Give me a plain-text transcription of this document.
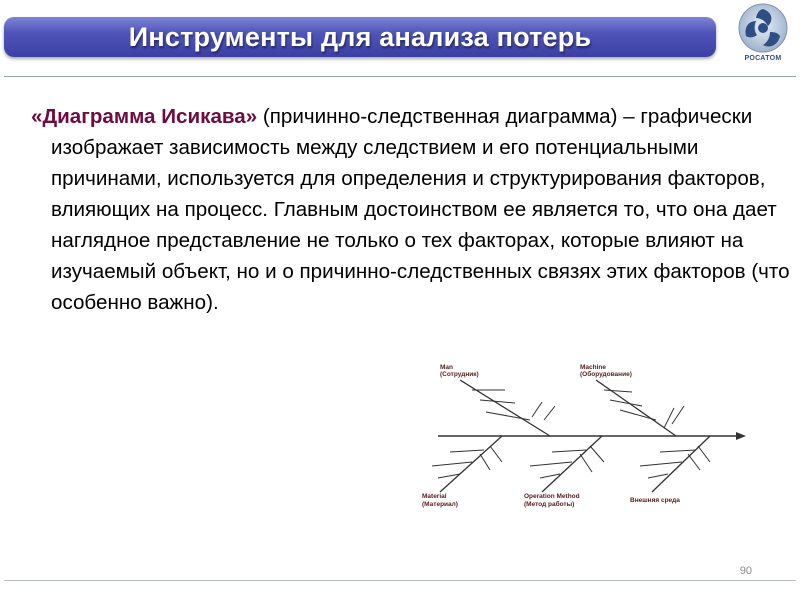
Инструменты для анализа потерь
РОСАТОМ
«Диаграмма Исикава» (причинно-следственная диаграмма) – графически изображает зависимость между следствием и его потенциальными причинами, используется для определения и структурирования факторов, влияющих на процесс. Главным достоинством ее является то, что она дает наглядное представление не только о тех факторах, которые влияют на изучаемый объект, но и о причинно-следственных связях этих факторов (что особенно важно).
Man
(Сотрудник)
Machine
(Оборудование)
Material
(Материал)
Operation Method
(Метод работы)
Внешняя среда
90
